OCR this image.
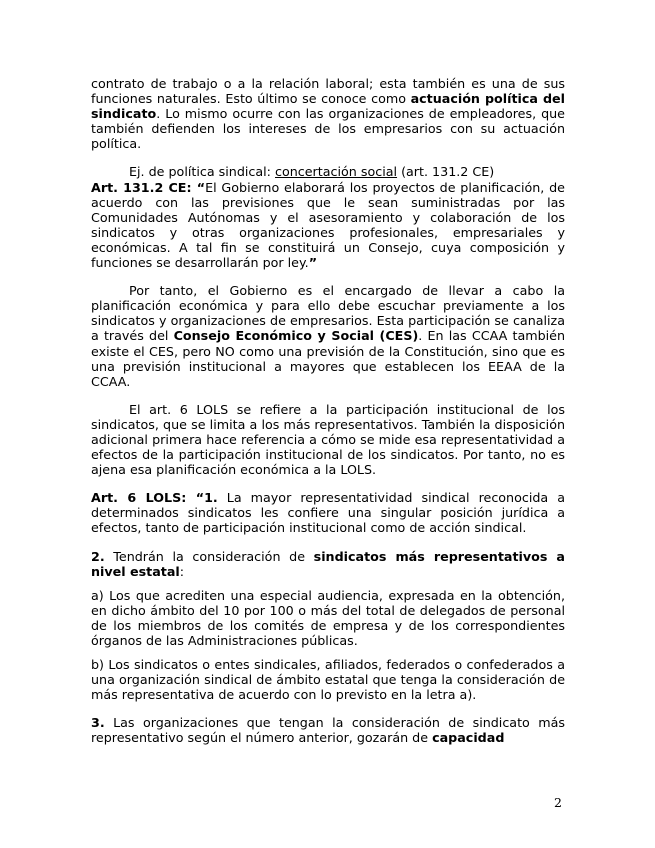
contrato de trabajo o a la relación laboral; esta también es una de sus funciones naturales. Esto último se conoce como actuación política del sindicato. Lo mismo ocurre con las organizaciones de empleadores, que también defienden los intereses de los empresarios con su actuación política.

Ej. de política sindical: concertación social (art. 131.2 CE)

Art. 131.2 CE: “El Gobierno elaborará los proyectos de planificación, de acuerdo con las previsiones que le sean suministradas por las Comunidades Autónomas y el asesoramiento y colaboración de los sindicatos y otras organizaciones profesionales, empresariales y económicas. A tal fin se constituirá un Consejo, cuya composición y funciones se desarrollarán por ley.”

Por tanto, el Gobierno es el encargado de llevar a cabo la planificación económica y para ello debe escuchar previamente a los sindicatos y organizaciones de empresarios. Esta participación se canaliza a través del Consejo Económico y Social (CES). En las CCAA también existe el CES, pero NO como una previsión de la Constitución, sino que es una previsión institucional a mayores que establecen los EEAA de la CCAA.

El art. 6 LOLS se refiere a la participación institucional de los sindicatos, que se limita a los más representativos. También la disposición adicional primera hace referencia a cómo se mide esa representatividad a efectos de la participación institucional de los sindicatos. Por tanto, no es ajena esa planificación económica a la LOLS.

Art. 6 LOLS: “1. La mayor representatividad sindical reconocida a determinados sindicatos les confiere una singular posición jurídica a efectos, tanto de participación institucional como de acción sindical.

2. Tendrán la consideración de sindicatos más representativos a nivel estatal:

a) Los que acrediten una especial audiencia, expresada en la obtención, en dicho ámbito del 10 por 100 o más del total de delegados de personal de los miembros de los comités de empresa y de los correspondientes órganos de las Administraciones públicas.

b) Los sindicatos o entes sindicales, afiliados, federados o confederados a una organización sindical de ámbito estatal que tenga la consideración de más representativa de acuerdo con lo previsto en la letra a).

3. Las organizaciones que tengan la consideración de sindicato más representativo según el número anterior, gozarán de capacidad

2
